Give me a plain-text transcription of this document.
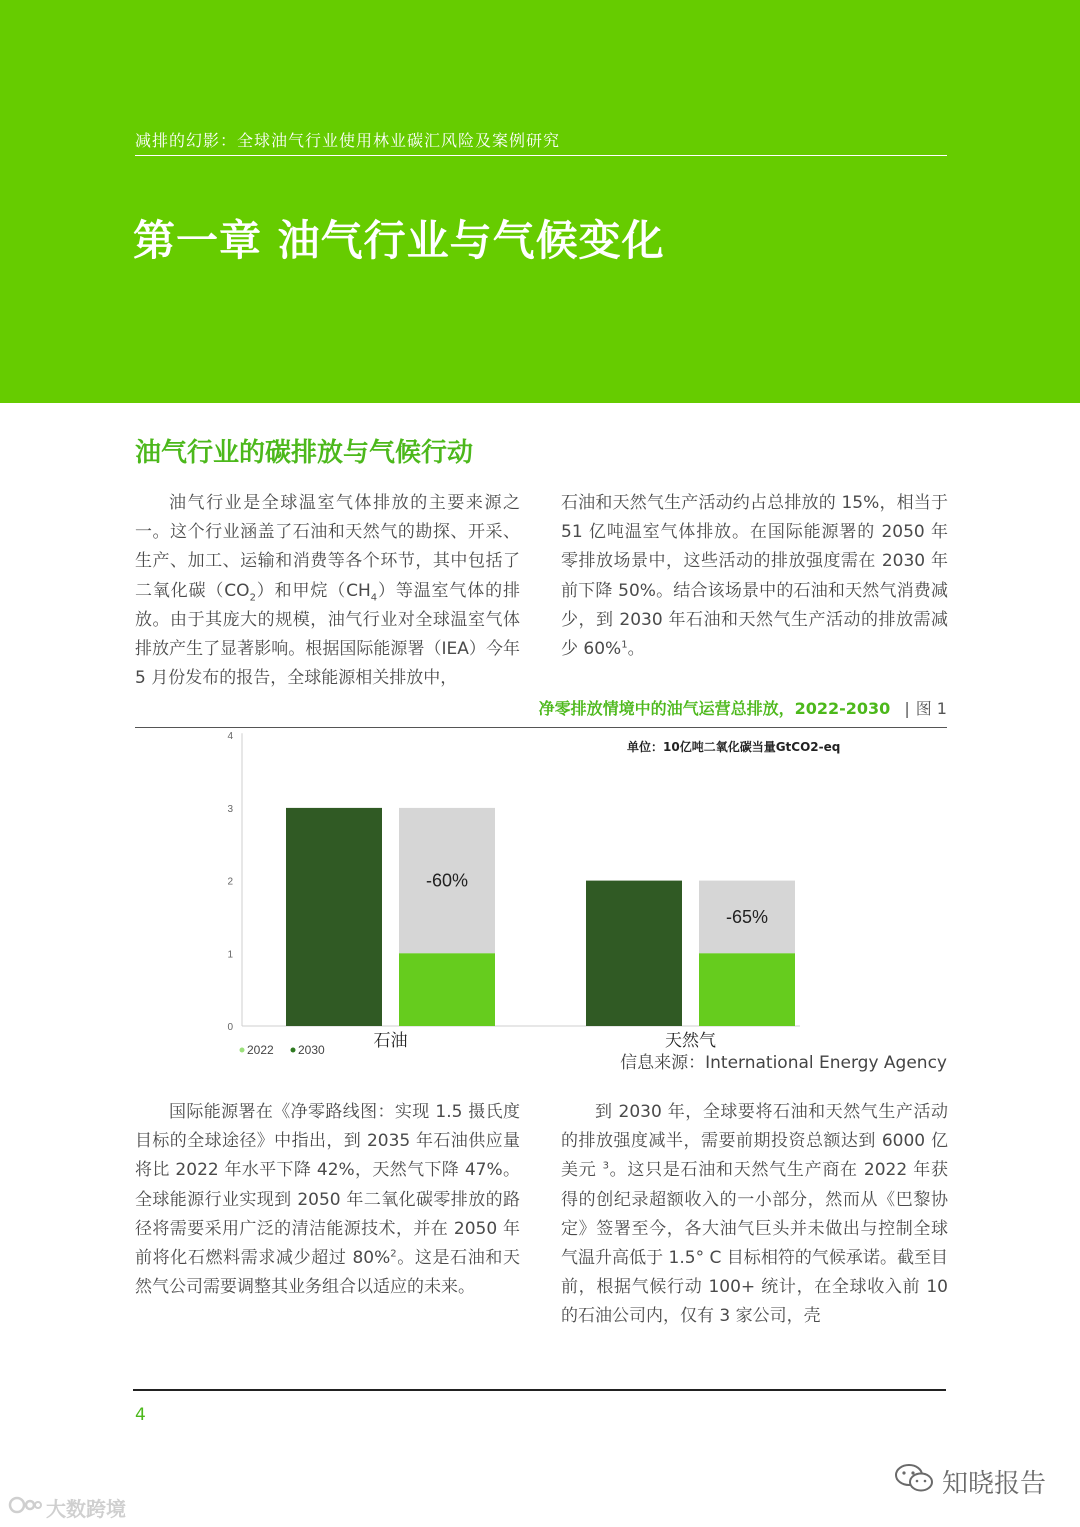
减排的幻影：全球油气行业使用林业碳汇风险及案例研究
第一章 油气行业与气候变化
油气行业的碳排放与气候行动

油气行业是全球温室气体排放的主要来源之一。这个行业涵盖了石油和天然气的勘探、开采、生产、加工、运输和消费等各个环节，其中包括了二氧化碳$(CO_2)$和甲烷$(CH_4)$等温室气体的排放。由于其庞大的规模，油气行业对全球温室气体排放产生了显著影响。根据国际能源署（IEA）今年 5 月份发布的报告，全球能源相关排放中，

石油和天然气生产活动约占总排放的 15%，相当于 51 亿吨温室气体排放。在国际能源署的 2050 年零排放场景中，这些活动的排放强度需在 2030 年前下降 50%。结合该场景中的石油和天然气消费减少，到 2030 年石油和天然气生产活动的排放需减少 60%$^1$。

净零排放情境中的油气运营总排放，2022-2030 | 图 1
0
1
2
3
4
单位：10亿吨二氧化碳当量GtCO2-eq
-60%
石油
-65%
天然气
2022 2030
信息来源：International Energy Agency

国际能源署在《净零路线图：实现 1.5 摄氏度目标的全球途径》中指出，到 2035 年石油供应量将比 2022 年水平下降 42%，天然气下降 47%。全球能源行业实现到 2050 年二氧化碳零排放的路径将需要采用广泛的清洁能源技术，并在 2050 年前将化石燃料需求减少超过 80%$^2$。这是石油和天然气公司需要调整其业务组合以适应的未来。

到 2030 年，全球要将石油和天然气生产活动的排放强度减半，需要前期投资总额达到 6000 亿美元 $^3$。这只是石油和天然气生产商在 2022 年获得的创纪录超额收入的一小部分，然而从《巴黎协定》签署至今，各大油气巨头并未做出与控制全球气温升高低于 1.5° C 目标相符的气候承诺。截至目前，根据气候行动 100+ 统计，在全球收入前 10 的石油公司内，仅有 3 家公司，壳

4
大数跨境
知晓报告
